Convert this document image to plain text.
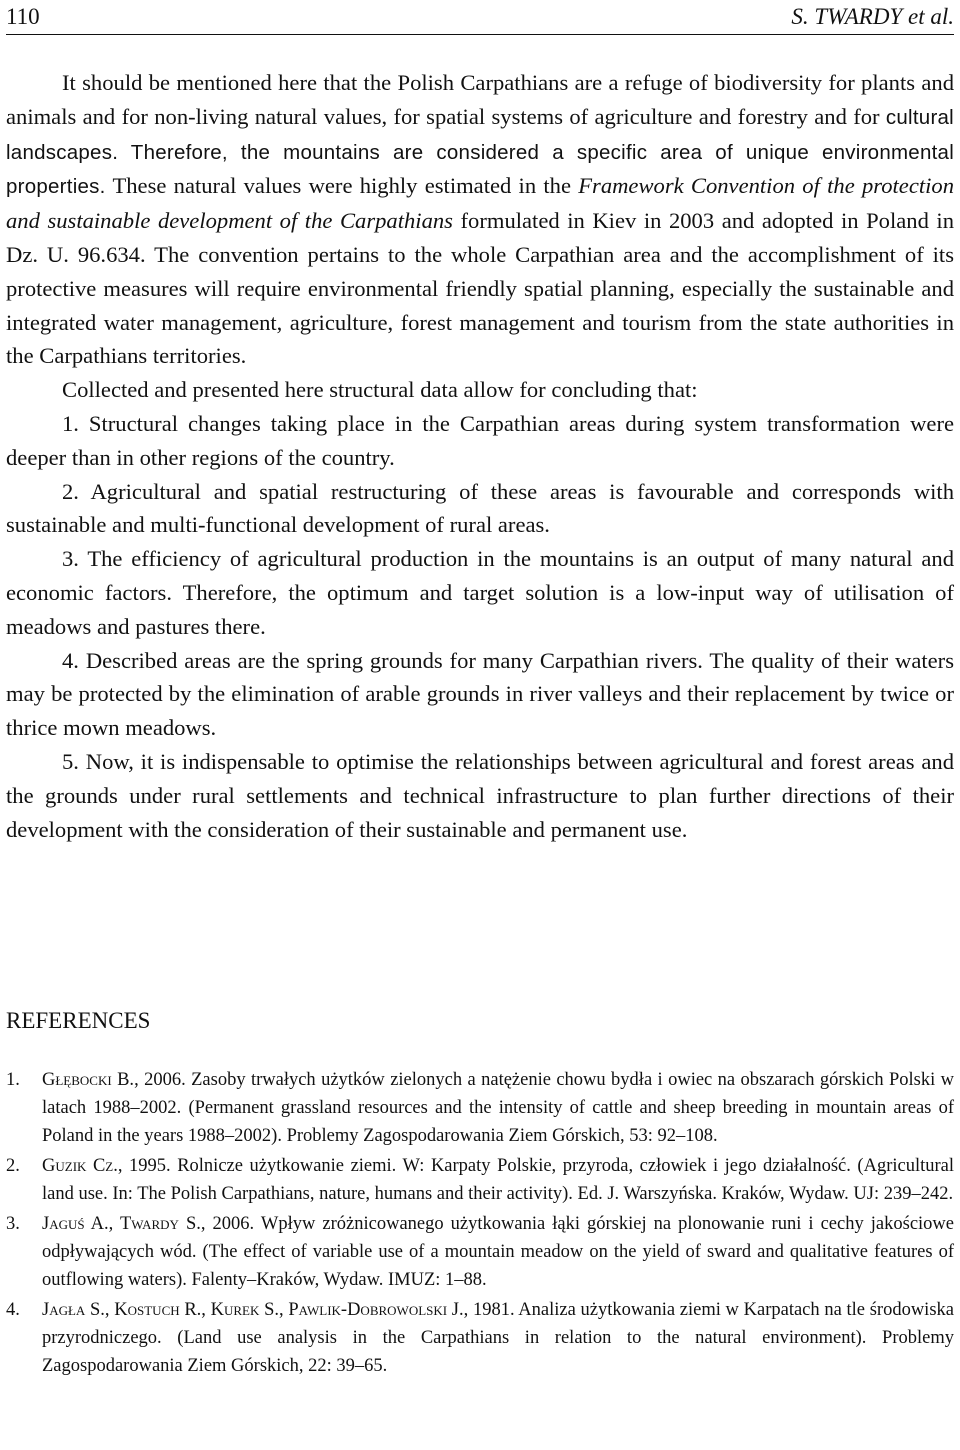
110	S. TWARDY et al.

It should be mentioned here that the Polish Carpathians are a refuge of biodiversity for plants and animals and for non-living natural values, for spatial systems of agriculture and forestry and for cultural landscapes. Therefore, the mountains are considered a specific area of unique environmental properties. These natural values were highly estimated in the Framework Convention of the protection and sustainable development of the Carpathians formulated in Kiev in 2003 and adopted in Poland in Dz. U. 96.634. The convention pertains to the whole Carpathian area and the accomplishment of its protective measures will require environmental friendly spatial planning, especially the sustainable and integrated water management, agriculture, forest management and tourism from the state authorities in the Carpathians territories.

Collected and presented here structural data allow for concluding that:

1. Structural changes taking place in the Carpathian areas during system transformation were deeper than in other regions of the country.

2. Agricultural and spatial restructuring of these areas is favourable and corresponds with sustainable and multi-functional development of rural areas.

3. The efficiency of agricultural production in the mountains is an output of many natural and economic factors. Therefore, the optimum and target solution is a low-input way of utilisation of meadows and pastures there.

4. Described areas are the spring grounds for many Carpathian rivers. The quality of their waters may be protected by the elimination of arable grounds in river valleys and their replacement by twice or thrice mown meadows.

5. Now, it is indispensable to optimise the relationships between agricultural and forest areas and the grounds under rural settlements and technical infrastructure to plan further directions of their development with the consideration of their sustainable and permanent use.

REFERENCES
1. Głębocki B., 2006. Zasoby trwałych użytków zielonych a natężenie chowu bydła i owiec na obszarach górskich Polski w latach 1988–2002. (Permanent grassland resources and the intensity of cattle and sheep breeding in mountain areas of Poland in the years 1988–2002). Problemy Zagospodarowania Ziem Górskich, 53: 92–108.
2. Guzik Cz., 1995. Rolnicze użytkowanie ziemi. W: Karpaty Polskie, przyroda, człowiek i jego działalność. (Agricultural land use. In: The Polish Carpathians, nature, humans and their activity). Ed. J. Warszyńska. Kraków, Wydaw. UJ: 239–242.
3. Jaguś A., Twardy S., 2006. Wpływ zróżnicowanego użytkowania łąki górskiej na plonowanie runi i cechy jakościowe odpływających wód. (The effect of variable use of a mountain meadow on the yield of sward and qualitative features of outflowing waters). Falenty–Kraków, Wydaw. IMUZ: 1–88.
4. Jagła S., Kostuch R., Kurek S., Pawlik-Dobrowolski J., 1981. Analiza użytkowania ziemi w Karpatach na tle środowiska przyrodniczego. (Land use analysis in the Carpathians in relation to the natural environment). Problemy Zagospodarowania Ziem Górskich, 22: 39–65.
